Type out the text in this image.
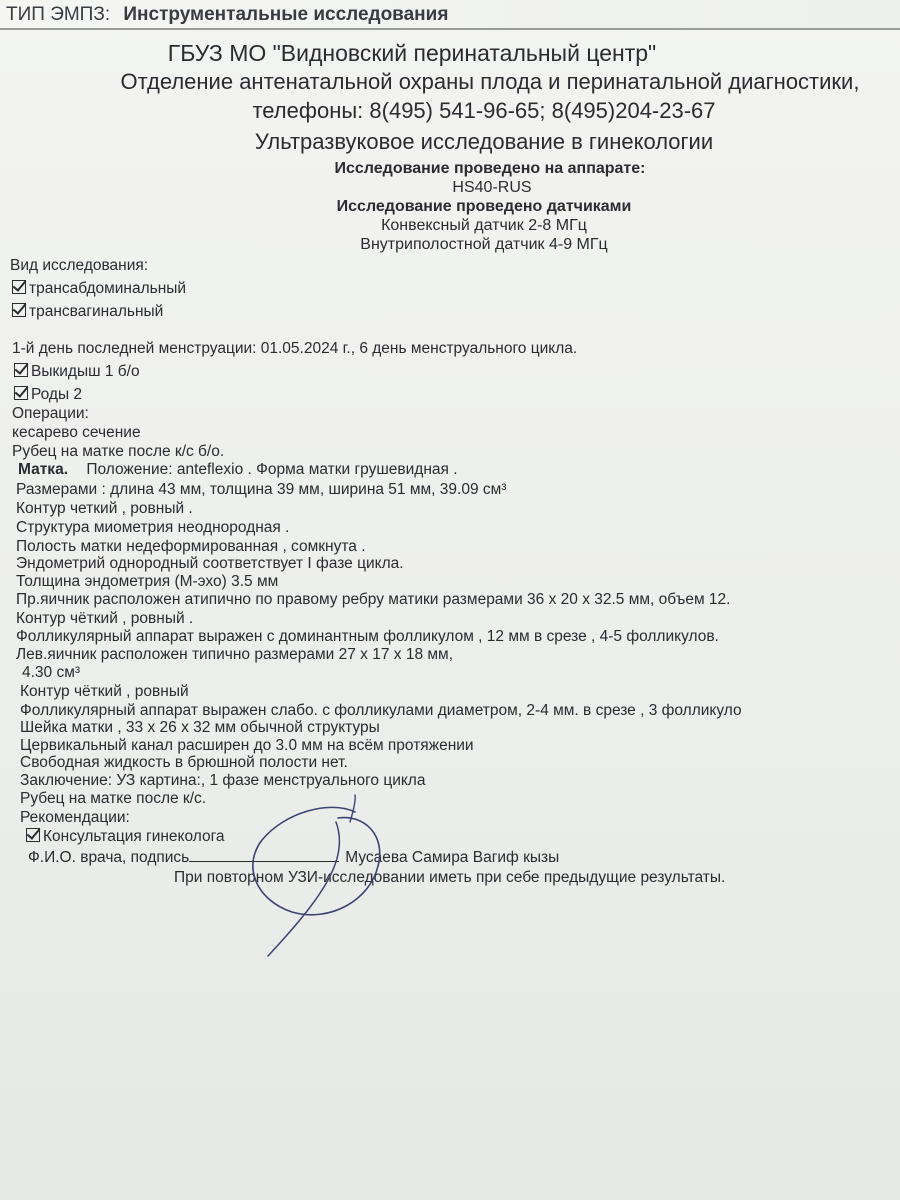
ТИП ЭМПЗ: Инструментальные исследования
ГБУЗ МО "Видновский перинатальный центр"
Отделение антенатальной охраны плода и перинатальной диагностики,
телефоны: 8(495) 541-96-65; 8(495)204-23-67
Ультразвуковое исследование в гинекологии
Исследование проведено на аппарате:
HS40-RUS
Исследование проведено датчиками
Конвексный датчик 2-8 МГц
Внутриполостной датчик 4-9 МГц
Вид исследования:
трансабдоминальный
трансвагинальный
1-й день последней менструации: 01.05.2024 г., 6 день менструального цикла.
Выкидыш 1 б/о
Роды 2
Операции:
кесарево сечение
Рубец на матке после к/с б/о.
Матка. Положение: anteflexio . Форма матки грушевидная .
Размерами : длина 43 мм, толщина 39 мм, ширина 51 мм, 39.09 см³
Контур четкий , ровный .
Структура миометрия неоднородная .
Полость матки недеформированная , сомкнута .
Эндометрий однородный соответствует I фазе цикла.
Толщина эндометрия (М-эхо) 3.5 мм
Пр.яичник расположен атипично по правому ребру матики размерами 36 х 20 х 32.5 мм, объем 12.
Контур чёткий , ровный .
Фолликулярный аппарат выражен с доминантным фолликулом , 12 мм в срезе , 4-5 фолликулов.
Лев.яичник расположен типично размерами 27 х 17 х 18 мм,
4.30 см³
Контур чёткий , ровный
Фолликулярный аппарат выражен слабо. с фолликулами диаметром, 2-4 мм. в срезе , 3 фолликуло
Шейка матки , 33 х 26 х 32 мм обычной структуры
Цервикальный канал расширен до 3.0 мм на всём протяжении
Свободная жидкость в брюшной полости нет.
Заключение: УЗ картина:, 1 фазе менструального цикла
Рубец на матке после к/с.
Рекомендации:
Консультация гинеколога
Ф.И.О. врача, подпись	Мусаева Самира Вагиф кызы
При повторном УЗИ-исследовании иметь при себе предыдущие результаты.
